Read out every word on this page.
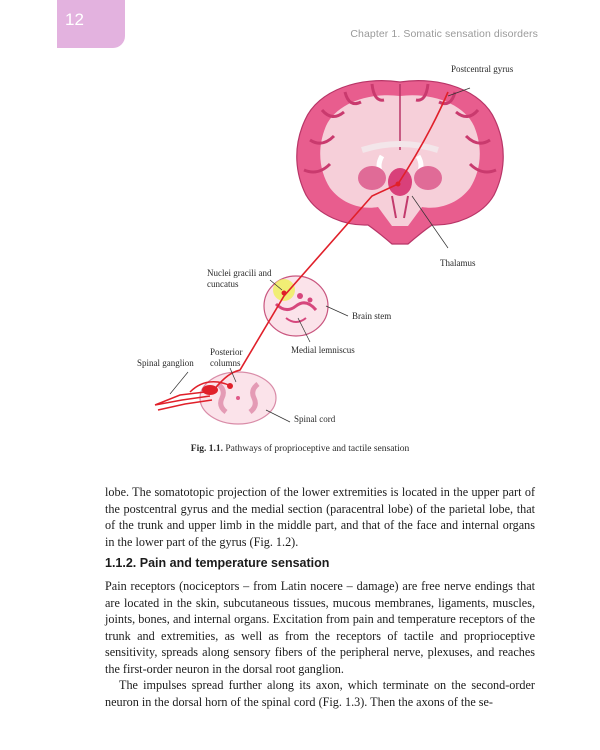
12
Chapter 1. Somatic sensation disorders
Postcentral gyrus
Thalamus
Nuclei gracili and cuncatus
Brain stem
Posterior columns
Medial lemniscus
Spinal ganglion
Spinal cord
Fig. 1.1. Pathways of proprioceptive and tactile sensation

lobe. The somatotopic projection of the lower extremities is located in the upper part of the postcentral gyrus and the medial section (paracentral lobe) of the parietal lobe, that of the trunk and upper limb in the middle part, and that of the face and internal organs in the lower part of the gyrus (Fig. 1.2).

1.1.2. Pain and temperature sensation

Pain receptors (nociceptors – from Latin nocere – damage) are free nerve endings that are located in the skin, subcutaneous tissues, mucous membranes, ligaments, muscles, joints, bones, and internal organs. Excitation from pain and temperature receptors of the trunk and extremities, as well as from the receptors of tactile and proprioceptive sensitivity, spreads along sensory fibers of the peripheral nerve, plexuses, and reaches the first-order neuron in the dorsal root ganglion.

The impulses spread further along its axon, which terminate on the second-order neuron in the dorsal horn of the spinal cord (Fig. 1.3). Then the axons of the se-
